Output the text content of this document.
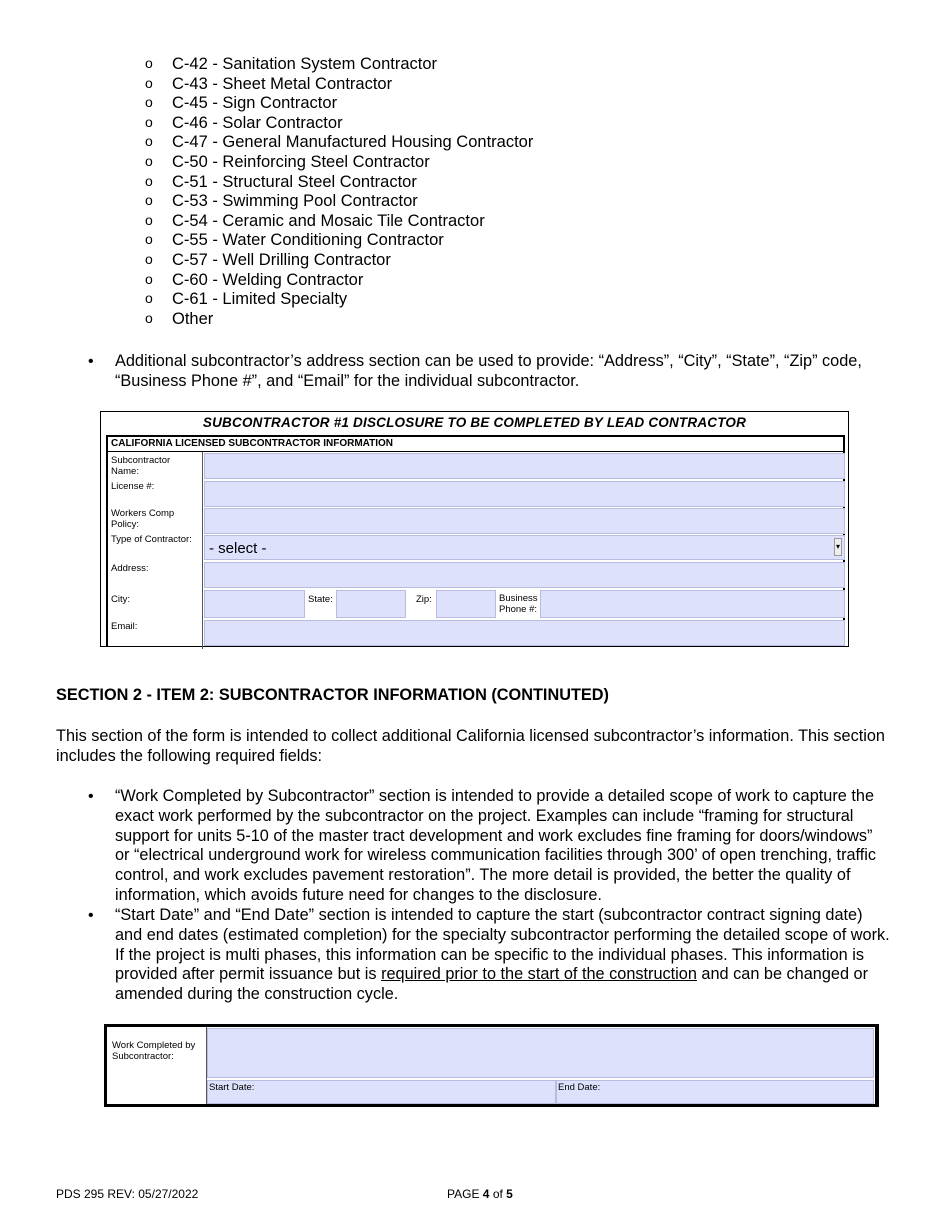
o C-42 - Sanitation System Contractor
o C-43 - Sheet Metal Contractor
o C-45 - Sign Contractor
o C-46 - Solar Contractor
o C-47 - General Manufactured Housing Contractor
o C-50 - Reinforcing Steel Contractor
o C-51 - Structural Steel Contractor
o C-53 - Swimming Pool Contractor
o C-54 - Ceramic and Mosaic Tile Contractor
o C-55 - Water Conditioning Contractor
o C-57 - Well Drilling Contractor
o C-60 - Welding Contractor
o C-61 - Limited Specialty
o Other
• Additional subcontractor’s address section can be used to provide: “Address”, “City”, “State”, “Zip” code, “Business Phone #”, and “Email” for the individual subcontractor.
SUBCONTRACTOR #1 DISCLOSURE TO BE COMPLETED BY LEAD CONTRACTOR
CALIFORNIA LICENSED SUBCONTRACTOR INFORMATION
Subcontractor Name:
License #:
Workers Comp Policy:
Type of Contractor:
- select -	▾
Address:
City:	State:	Zip:	Business Phone #:
Email:
SECTION 2 - ITEM 2: SUBCONTRACTOR INFORMATION (CONTINUTED)
This section of the form is intended to collect additional California licensed subcontractor’s information. This section includes the following required fields:
• “Work Completed by Subcontractor” section is intended to provide a detailed scope of work to capture the exact work performed by the subcontractor on the project. Examples can include “framing for structural support for units 5-10 of the master tract development and work excludes fine framing for doors/windows” or “electrical underground work for wireless communication facilities through 300’ of open trenching, traffic control, and work excludes pavement restoration”. The more detail is provided, the better the quality of information, which avoids future need for changes to the disclosure.
• “Start Date” and “End Date” section is intended to capture the start (subcontractor contract signing date) and end dates (estimated completion) for the specialty subcontractor performing the detailed scope of work. If the project is multi phases, this information can be specific to the individual phases. This information is provided after permit issuance but is required prior to the start of the construction and can be changed or amended during the construction cycle.
Work Completed by Subcontractor:
Start Date:	End Date:
PDS 295 REV: 05/27/2022	PAGE 4 of 5
